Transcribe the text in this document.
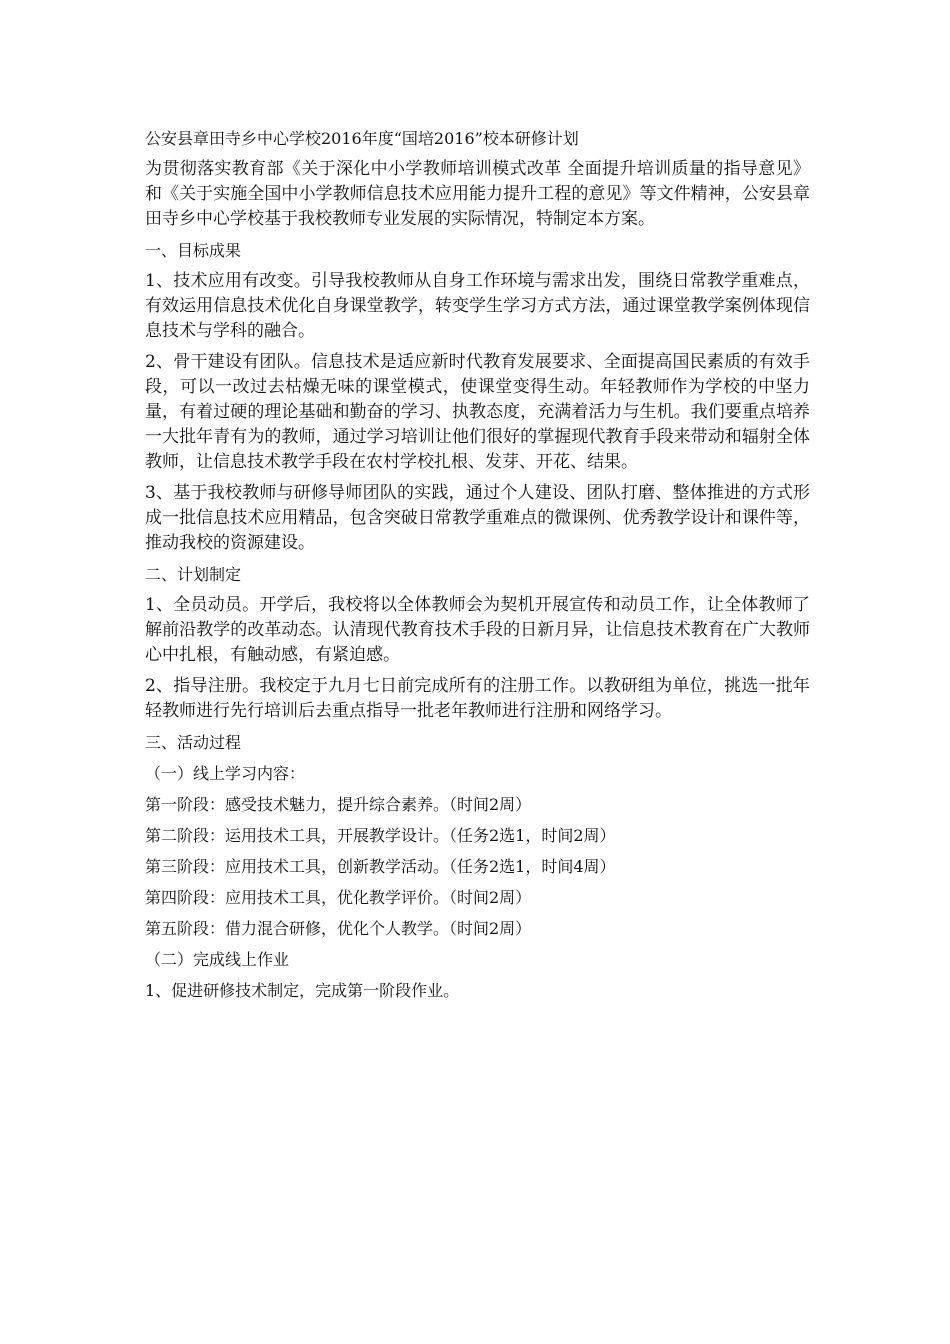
公安县章田寺乡中心学校2016年度“国培2016”校本研修计划
为贯彻落实教育部《关于深化中小学教师培训模式改革 全面提升培训质量的指导意见》和《关于实施全国中小学教师信息技术应用能力提升工程的意见》等文件精神，公安县章田寺乡中心学校基于我校教师专业发展的实际情况，特制定本方案。
一、目标成果
1、技术应用有改变。引导我校教师从自身工作环境与需求出发，围绕日常教学重难点，有效运用信息技术优化自身课堂教学，转变学生学习方式方法，通过课堂教学案例体现信息技术与学科的融合。
2、骨干建设有团队。信息技术是适应新时代教育发展要求、全面提高国民素质的有效手段，可以一改过去枯燥无味的课堂模式，使课堂变得生动。年轻教师作为学校的中坚力量，有着过硬的理论基础和勤奋的学习、执教态度，充满着活力与生机。我们要重点培养一大批年青有为的教师，通过学习培训让他们很好的掌握现代教育手段来带动和辐射全体教师，让信息技术教学手段在农村学校扎根、发芽、开花、结果。
3、基于我校教师与研修导师团队的实践，通过个人建设、团队打磨、整体推进的方式形成一批信息技术应用精品，包含突破日常教学重难点的微课例、优秀教学设计和课件等，推动我校的资源建设。
二、计划制定
1、全员动员。开学后，我校将以全体教师会为契机开展宣传和动员工作，让全体教师了解前沿教学的改革动态。认清现代教育技术手段的日新月异，让信息技术教育在广大教师心中扎根，有触动感，有紧迫感。
2、指导注册。我校定于九月七日前完成所有的注册工作。以教研组为单位，挑选一批年轻教师进行先行培训后去重点指导一批老年教师进行注册和网络学习。
三、活动过程
（一）线上学习内容：
第一阶段：感受技术魅力，提升综合素养。（时间2周）
第二阶段：运用技术工具，开展教学设计。（任务2选1，时间2周）
第三阶段：应用技术工具，创新教学活动。（任务2选1，时间4周）
第四阶段：应用技术工具，优化教学评价。（时间2周）
第五阶段：借力混合研修，优化个人教学。（时间2周）
（二）完成线上作业
1、促进研修技术制定，完成第一阶段作业。
